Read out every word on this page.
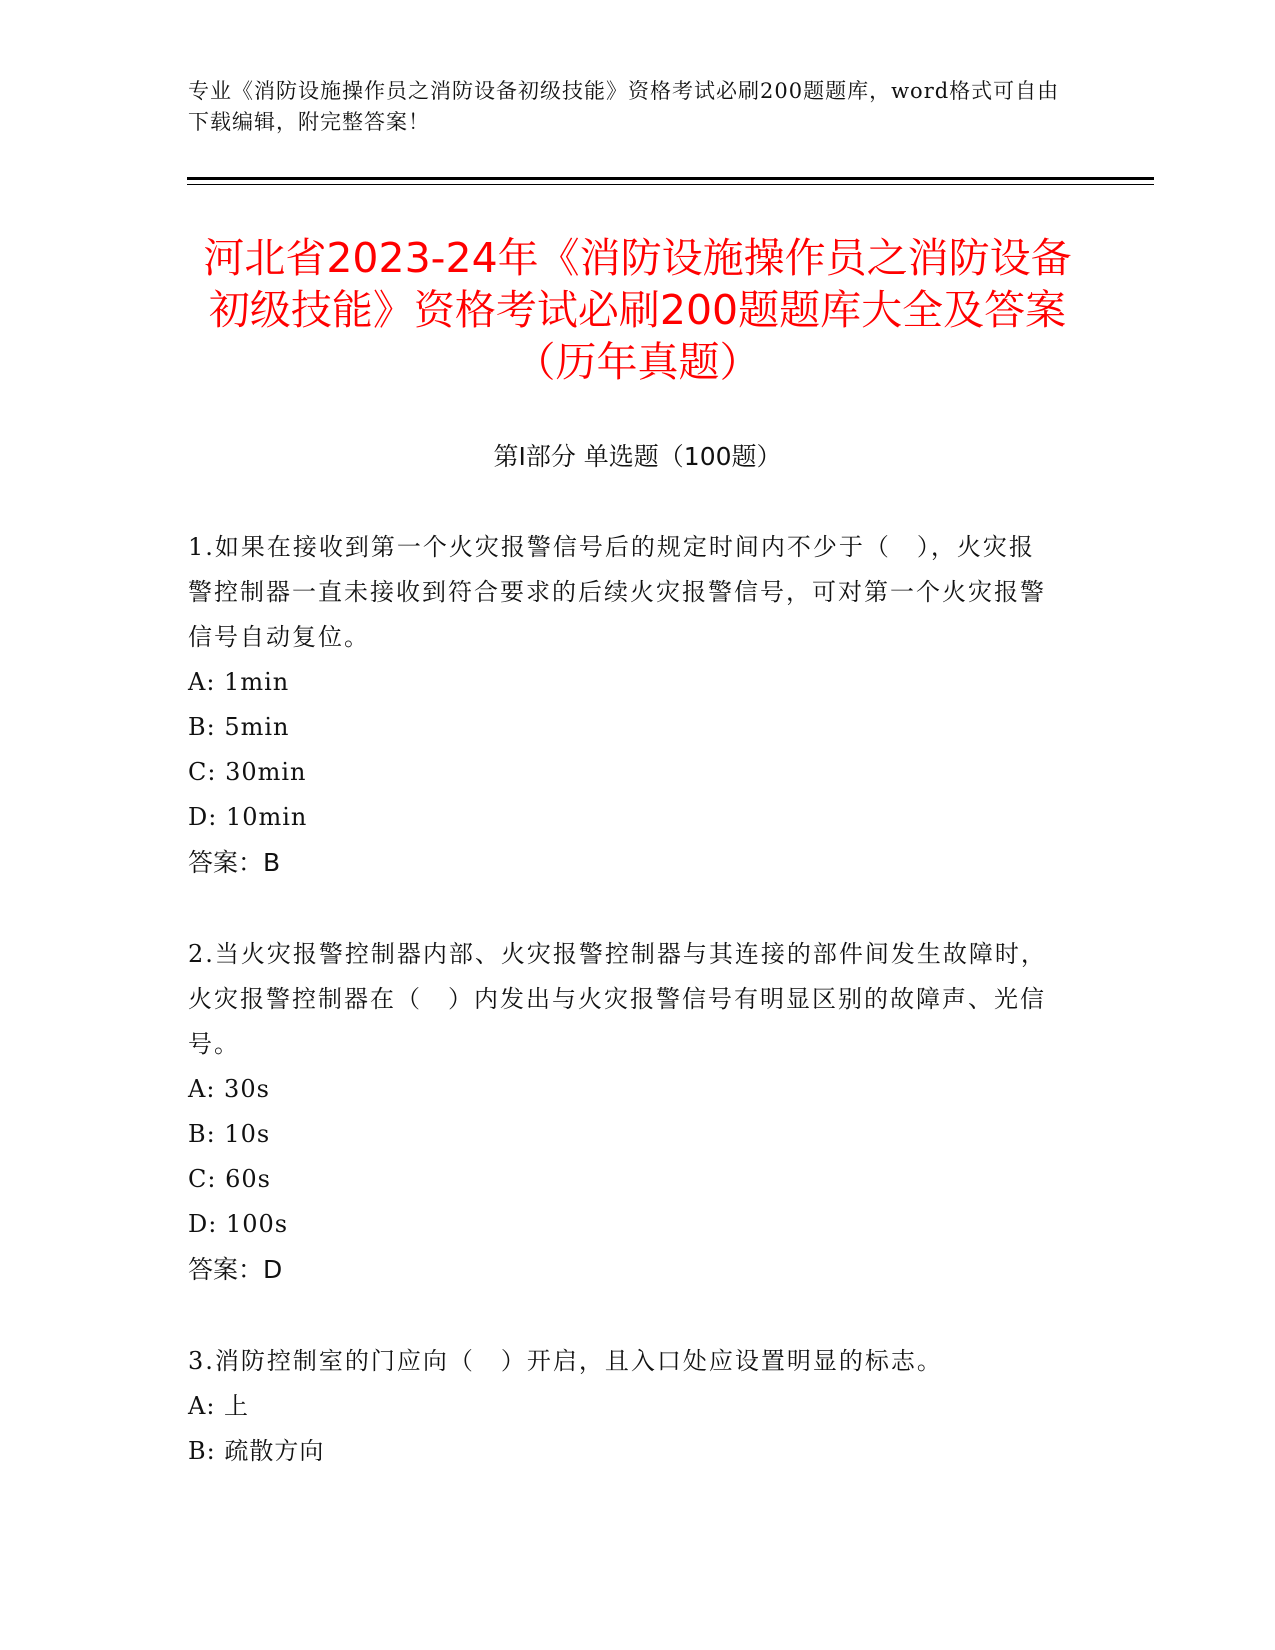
专业《消防设施操作员之消防设备初级技能》资格考试必刷200题题库，word格式可自由下载编辑，附完整答案！
河北省2023-24年《消防设施操作员之消防设备初级技能》资格考试必刷200题题库大全及答案（历年真题）
第Ⅰ部分 单选题（100题）
1.如果在接收到第一个火灾报警信号后的规定时间内不少于（　），火灾报警控制器一直未接收到符合要求的后续火灾报警信号，可对第一个火灾报警信号自动复位。
A: 1min
B: 5min
C: 30min
D: 10min
答案：B
2.当火灾报警控制器内部、火灾报警控制器与其连接的部件间发生故障时，火灾报警控制器在（　）内发出与火灾报警信号有明显区别的故障声、光信号。
A: 30s
B: 10s
C: 60s
D: 100s
答案：D
3.消防控制室的门应向（　）开启，且入口处应设置明显的标志。
A: 上
B: 疏散方向
